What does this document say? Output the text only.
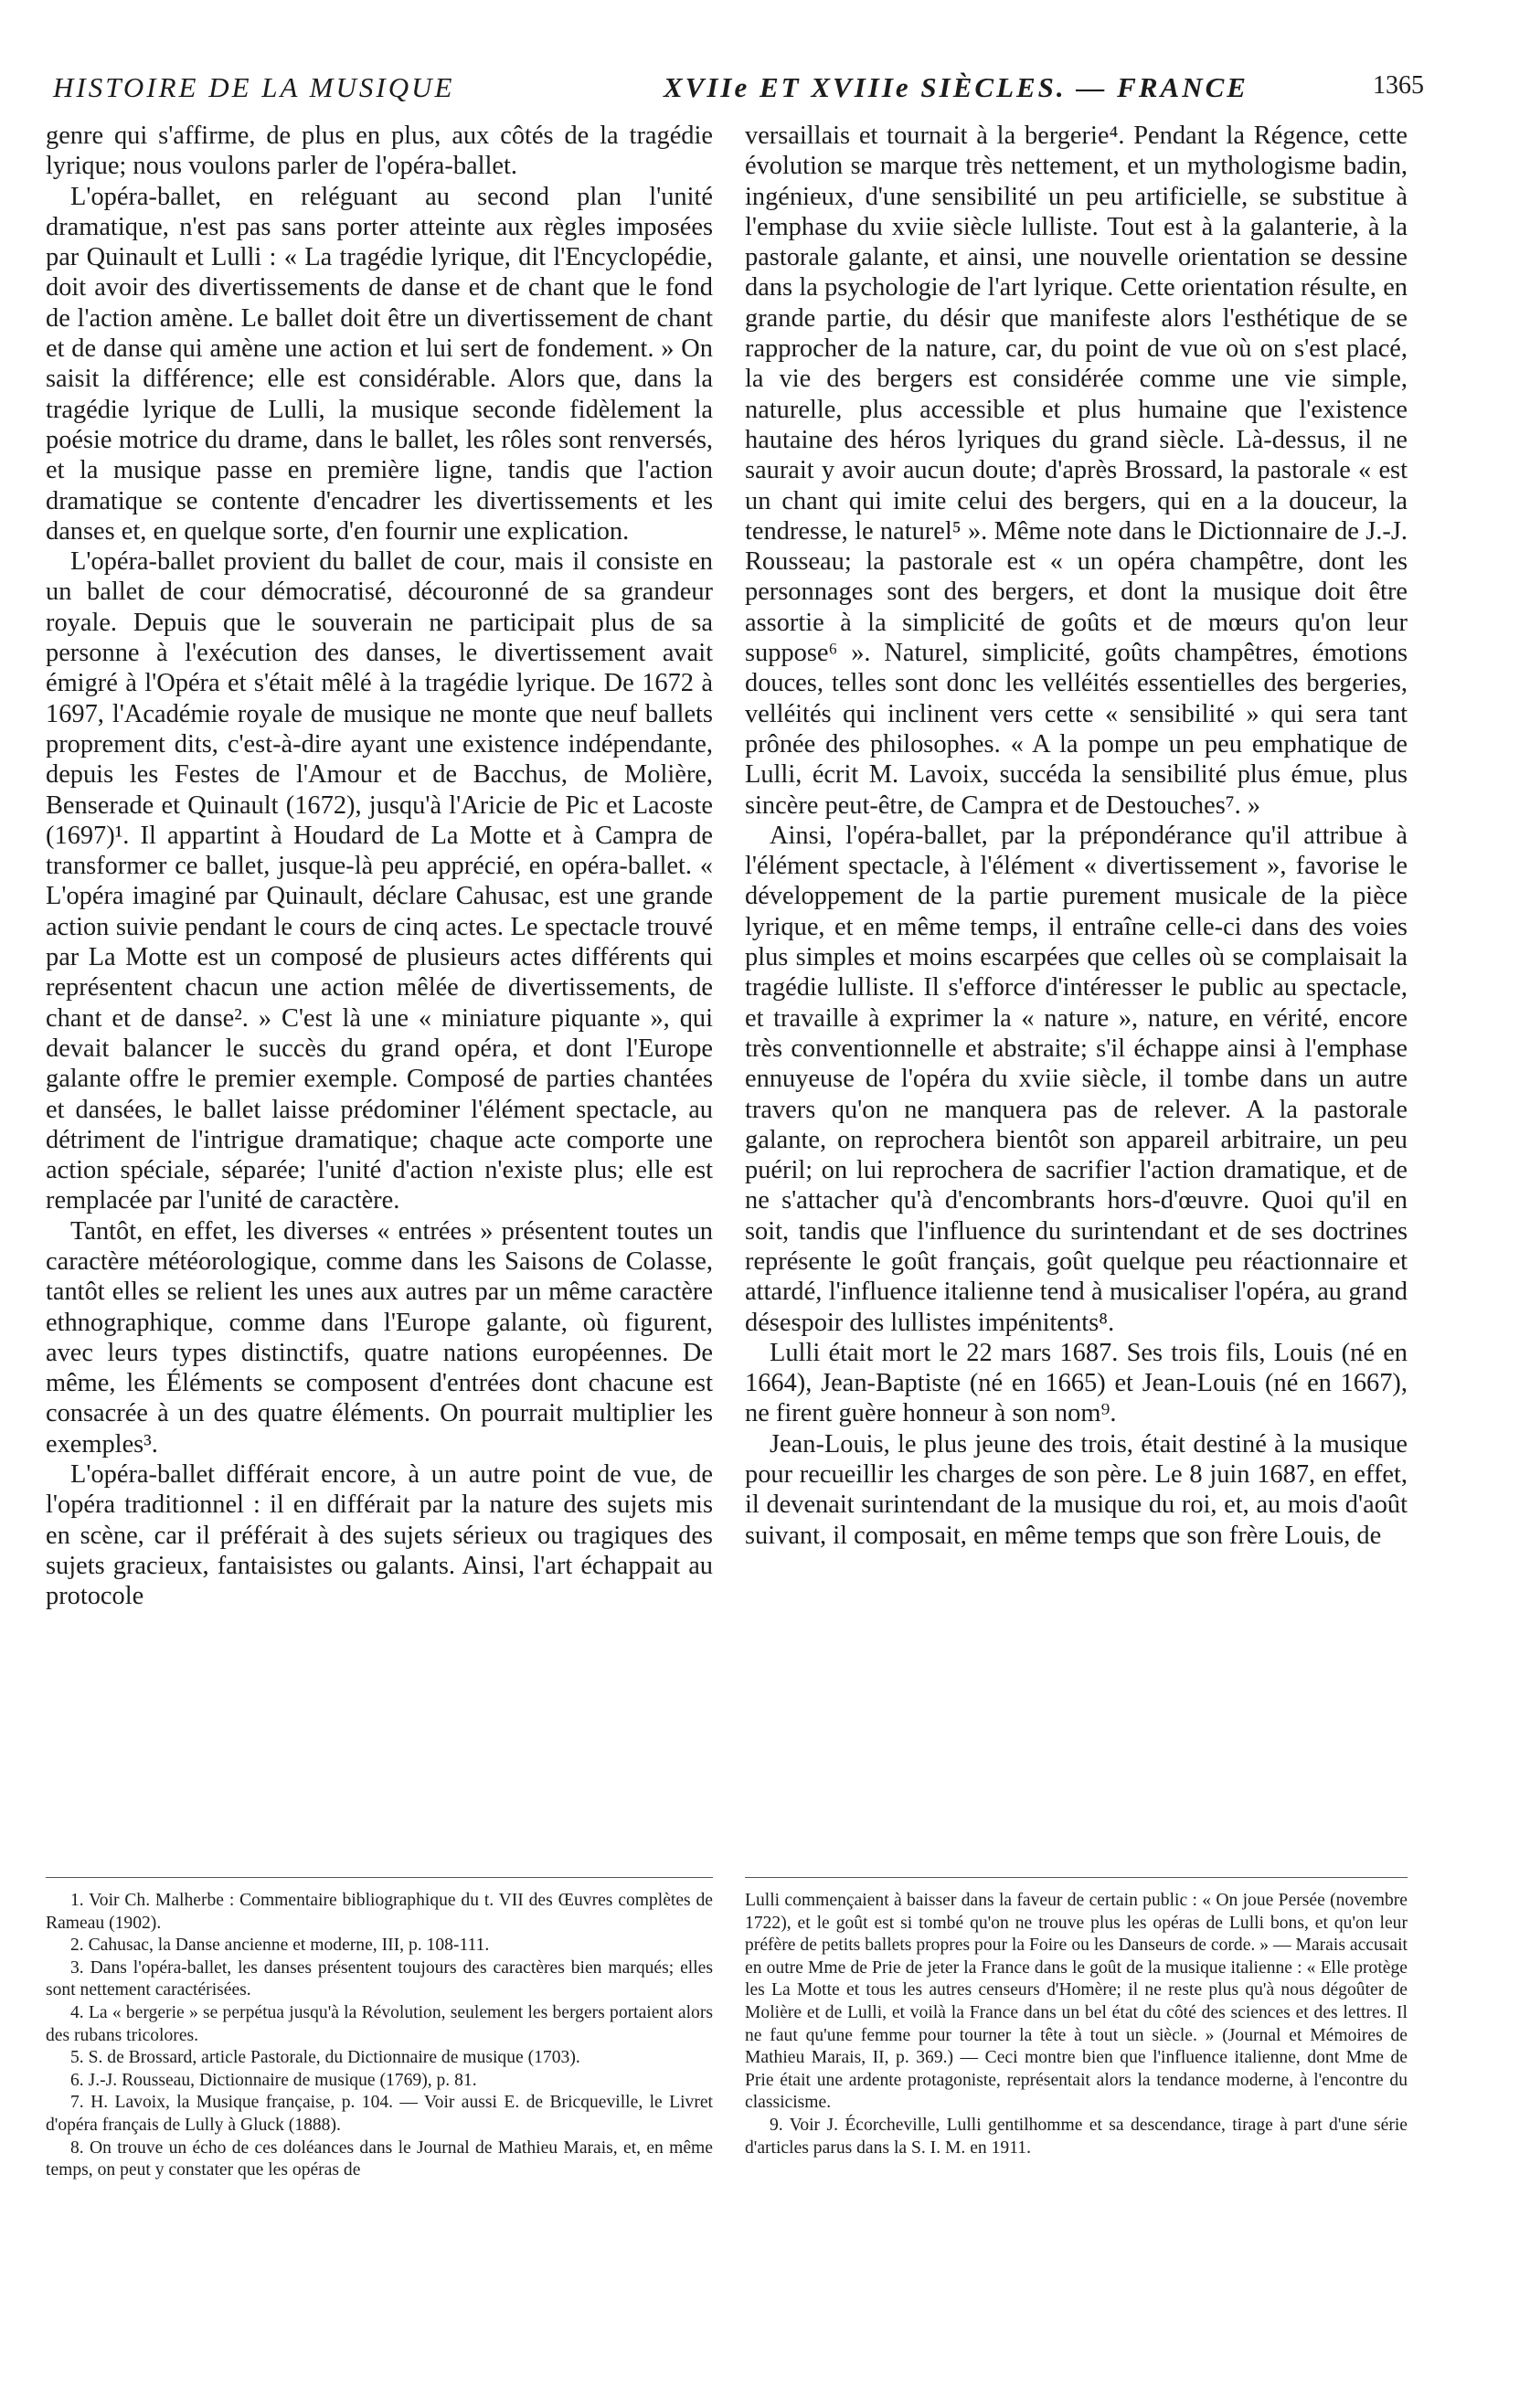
HISTOIRE DE LA MUSIQUE	XVIIe ET XVIIIe SIÈCLES. — FRANCE	1365

genre qui s'affirme, de plus en plus, aux côtés de la tragédie lyrique; nous voulons parler de l'opéra-ballet.

L'opéra-ballet, en reléguant au second plan l'unité dramatique, n'est pas sans porter atteinte aux règles imposées par Quinault et Lulli : « La tragédie lyrique, dit l'Encyclopédie, doit avoir des divertissements de danse et de chant que le fond de l'action amène. Le ballet doit être un divertissement de chant et de danse qui amène une action et lui sert de fondement. » On saisit la différence; elle est considérable. Alors que, dans la tragédie lyrique de Lulli, la musique seconde fidèlement la poésie motrice du drame, dans le ballet, les rôles sont renversés, et la musique passe en première ligne, tandis que l'action dramatique se contente d'encadrer les divertissements et les danses et, en quelque sorte, d'en fournir une explication.

L'opéra-ballet provient du ballet de cour, mais il consiste en un ballet de cour démocratisé, découronné de sa grandeur royale. Depuis que le souverain ne participait plus de sa personne à l'exécution des danses, le divertissement avait émigré à l'Opéra et s'était mêlé à la tragédie lyrique. De 1672 à 1697, l'Académie royale de musique ne monte que neuf ballets proprement dits, c'est-à-dire ayant une existence indépendante, depuis les Festes de l'Amour et de Bacchus, de Molière, Benserade et Quinault (1672), jusqu'à l'Aricie de Pic et Lacoste (1697)¹. Il appartint à Houdard de La Motte et à Campra de transformer ce ballet, jusque-là peu apprécié, en opéra-ballet. « L'opéra imaginé par Quinault, déclare Cahusac, est une grande action suivie pendant le cours de cinq actes. Le spectacle trouvé par La Motte est un composé de plusieurs actes différents qui représentent chacun une action mêlée de divertissements, de chant et de danse². » C'est là une « miniature piquante », qui devait balancer le succès du grand opéra, et dont l'Europe galante offre le premier exemple. Composé de parties chantées et dansées, le ballet laisse prédominer l'élément spectacle, au détriment de l'intrigue dramatique; chaque acte comporte une action spéciale, séparée; l'unité d'action n'existe plus; elle est remplacée par l'unité de caractère.

Tantôt, en effet, les diverses « entrées » présentent toutes un caractère météorologique, comme dans les Saisons de Colasse, tantôt elles se relient les unes aux autres par un même caractère ethnographique, comme dans l'Europe galante, où figurent, avec leurs types distinctifs, quatre nations européennes. De même, les Éléments se composent d'entrées dont chacune est consacrée à un des quatre éléments. On pourrait multiplier les exemples³.

L'opéra-ballet différait encore, à un autre point de vue, de l'opéra traditionnel : il en différait par la nature des sujets mis en scène, car il préférait à des sujets sérieux ou tragiques des sujets gracieux, fantaisistes ou galants. Ainsi, l'art échappait au protocole

versaillais et tournait à la bergerie⁴. Pendant la Régence, cette évolution se marque très nettement, et un mythologisme badin, ingénieux, d'une sensibilité un peu artificielle, se substitue à l'emphase du xviie siècle lulliste. Tout est à la galanterie, à la pastorale galante, et ainsi, une nouvelle orientation se dessine dans la psychologie de l'art lyrique. Cette orientation résulte, en grande partie, du désir que manifeste alors l'esthétique de se rapprocher de la nature, car, du point de vue où on s'est placé, la vie des bergers est considérée comme une vie simple, naturelle, plus accessible et plus humaine que l'existence hautaine des héros lyriques du grand siècle. Là-dessus, il ne saurait y avoir aucun doute; d'après Brossard, la pastorale « est un chant qui imite celui des bergers, qui en a la douceur, la tendresse, le naturel⁵ ». Même note dans le Dictionnaire de J.-J. Rousseau; la pastorale est « un opéra champêtre, dont les personnages sont des bergers, et dont la musique doit être assortie à la simplicité de goûts et de mœurs qu'on leur suppose⁶ ». Naturel, simplicité, goûts champêtres, émotions douces, telles sont donc les velléités essentielles des bergeries, velléités qui inclinent vers cette « sensibilité » qui sera tant prônée des philosophes. « A la pompe un peu emphatique de Lulli, écrit M. Lavoix, succéda la sensibilité plus émue, plus sincère peut-être, de Campra et de Destouches⁷. »

Ainsi, l'opéra-ballet, par la prépondérance qu'il attribue à l'élément spectacle, à l'élément « divertissement », favorise le développement de la partie purement musicale de la pièce lyrique, et en même temps, il entraîne celle-ci dans des voies plus simples et moins escarpées que celles où se complaisait la tragédie lulliste. Il s'efforce d'intéresser le public au spectacle, et travaille à exprimer la « nature », nature, en vérité, encore très conventionnelle et abstraite; s'il échappe ainsi à l'emphase ennuyeuse de l'opéra du xviie siècle, il tombe dans un autre travers qu'on ne manquera pas de relever. A la pastorale galante, on reprochera bientôt son appareil arbitraire, un peu puéril; on lui reprochera de sacrifier l'action dramatique, et de ne s'attacher qu'à d'encombrants hors-d'œuvre. Quoi qu'il en soit, tandis que l'influence du surintendant et de ses doctrines représente le goût français, goût quelque peu réactionnaire et attardé, l'influence italienne tend à musicaliser l'opéra, au grand désespoir des lullistes impénitents⁸.

Lulli était mort le 22 mars 1687. Ses trois fils, Louis (né en 1664), Jean-Baptiste (né en 1665) et Jean-Louis (né en 1667), ne firent guère honneur à son nom⁹.

Jean-Louis, le plus jeune des trois, était destiné à la musique pour recueillir les charges de son père. Le 8 juin 1687, en effet, il devenait surintendant de la musique du roi, et, au mois d'août suivant, il composait, en même temps que son frère Louis, de

1. Voir Ch. Malherbe : Commentaire bibliographique du t. VII des Œuvres complètes de Rameau (1902).

2. Cahusac, la Danse ancienne et moderne, III, p. 108-111.

3. Dans l'opéra-ballet, les danses présentent toujours des caractères bien marqués; elles sont nettement caractérisées.

4. La « bergerie » se perpétua jusqu'à la Révolution, seulement les bergers portaient alors des rubans tricolores.

5. S. de Brossard, article Pastorale, du Dictionnaire de musique (1703).

6. J.-J. Rousseau, Dictionnaire de musique (1769), p. 81.

7. H. Lavoix, la Musique française, p. 104. — Voir aussi E. de Bricqueville, le Livret d'opéra français de Lully à Gluck (1888).

8. On trouve un écho de ces doléances dans le Journal de Mathieu Marais, et, en même temps, on peut y constater que les opéras de

Lulli commençaient à baisser dans la faveur de certain public : « On joue Persée (novembre 1722), et le goût est si tombé qu'on ne trouve plus les opéras de Lulli bons, et qu'on leur préfère de petits ballets propres pour la Foire ou les Danseurs de corde. » — Marais accusait en outre Mme de Prie de jeter la France dans le goût de la musique italienne : « Elle protège les La Motte et tous les autres censeurs d'Homère; il ne reste plus qu'à nous dégoûter de Molière et de Lulli, et voilà la France dans un bel état du côté des sciences et des lettres. Il ne faut qu'une femme pour tourner la tête à tout un siècle. » (Journal et Mémoires de Mathieu Marais, II, p. 369.) — Ceci montre bien que l'influence italienne, dont Mme de Prie était une ardente protagoniste, représentait alors la tendance moderne, à l'encontre du classicisme.

9. Voir J. Écorcheville, Lulli gentilhomme et sa descendance, tirage à part d'une série d'articles parus dans la S. I. M. en 1911.
